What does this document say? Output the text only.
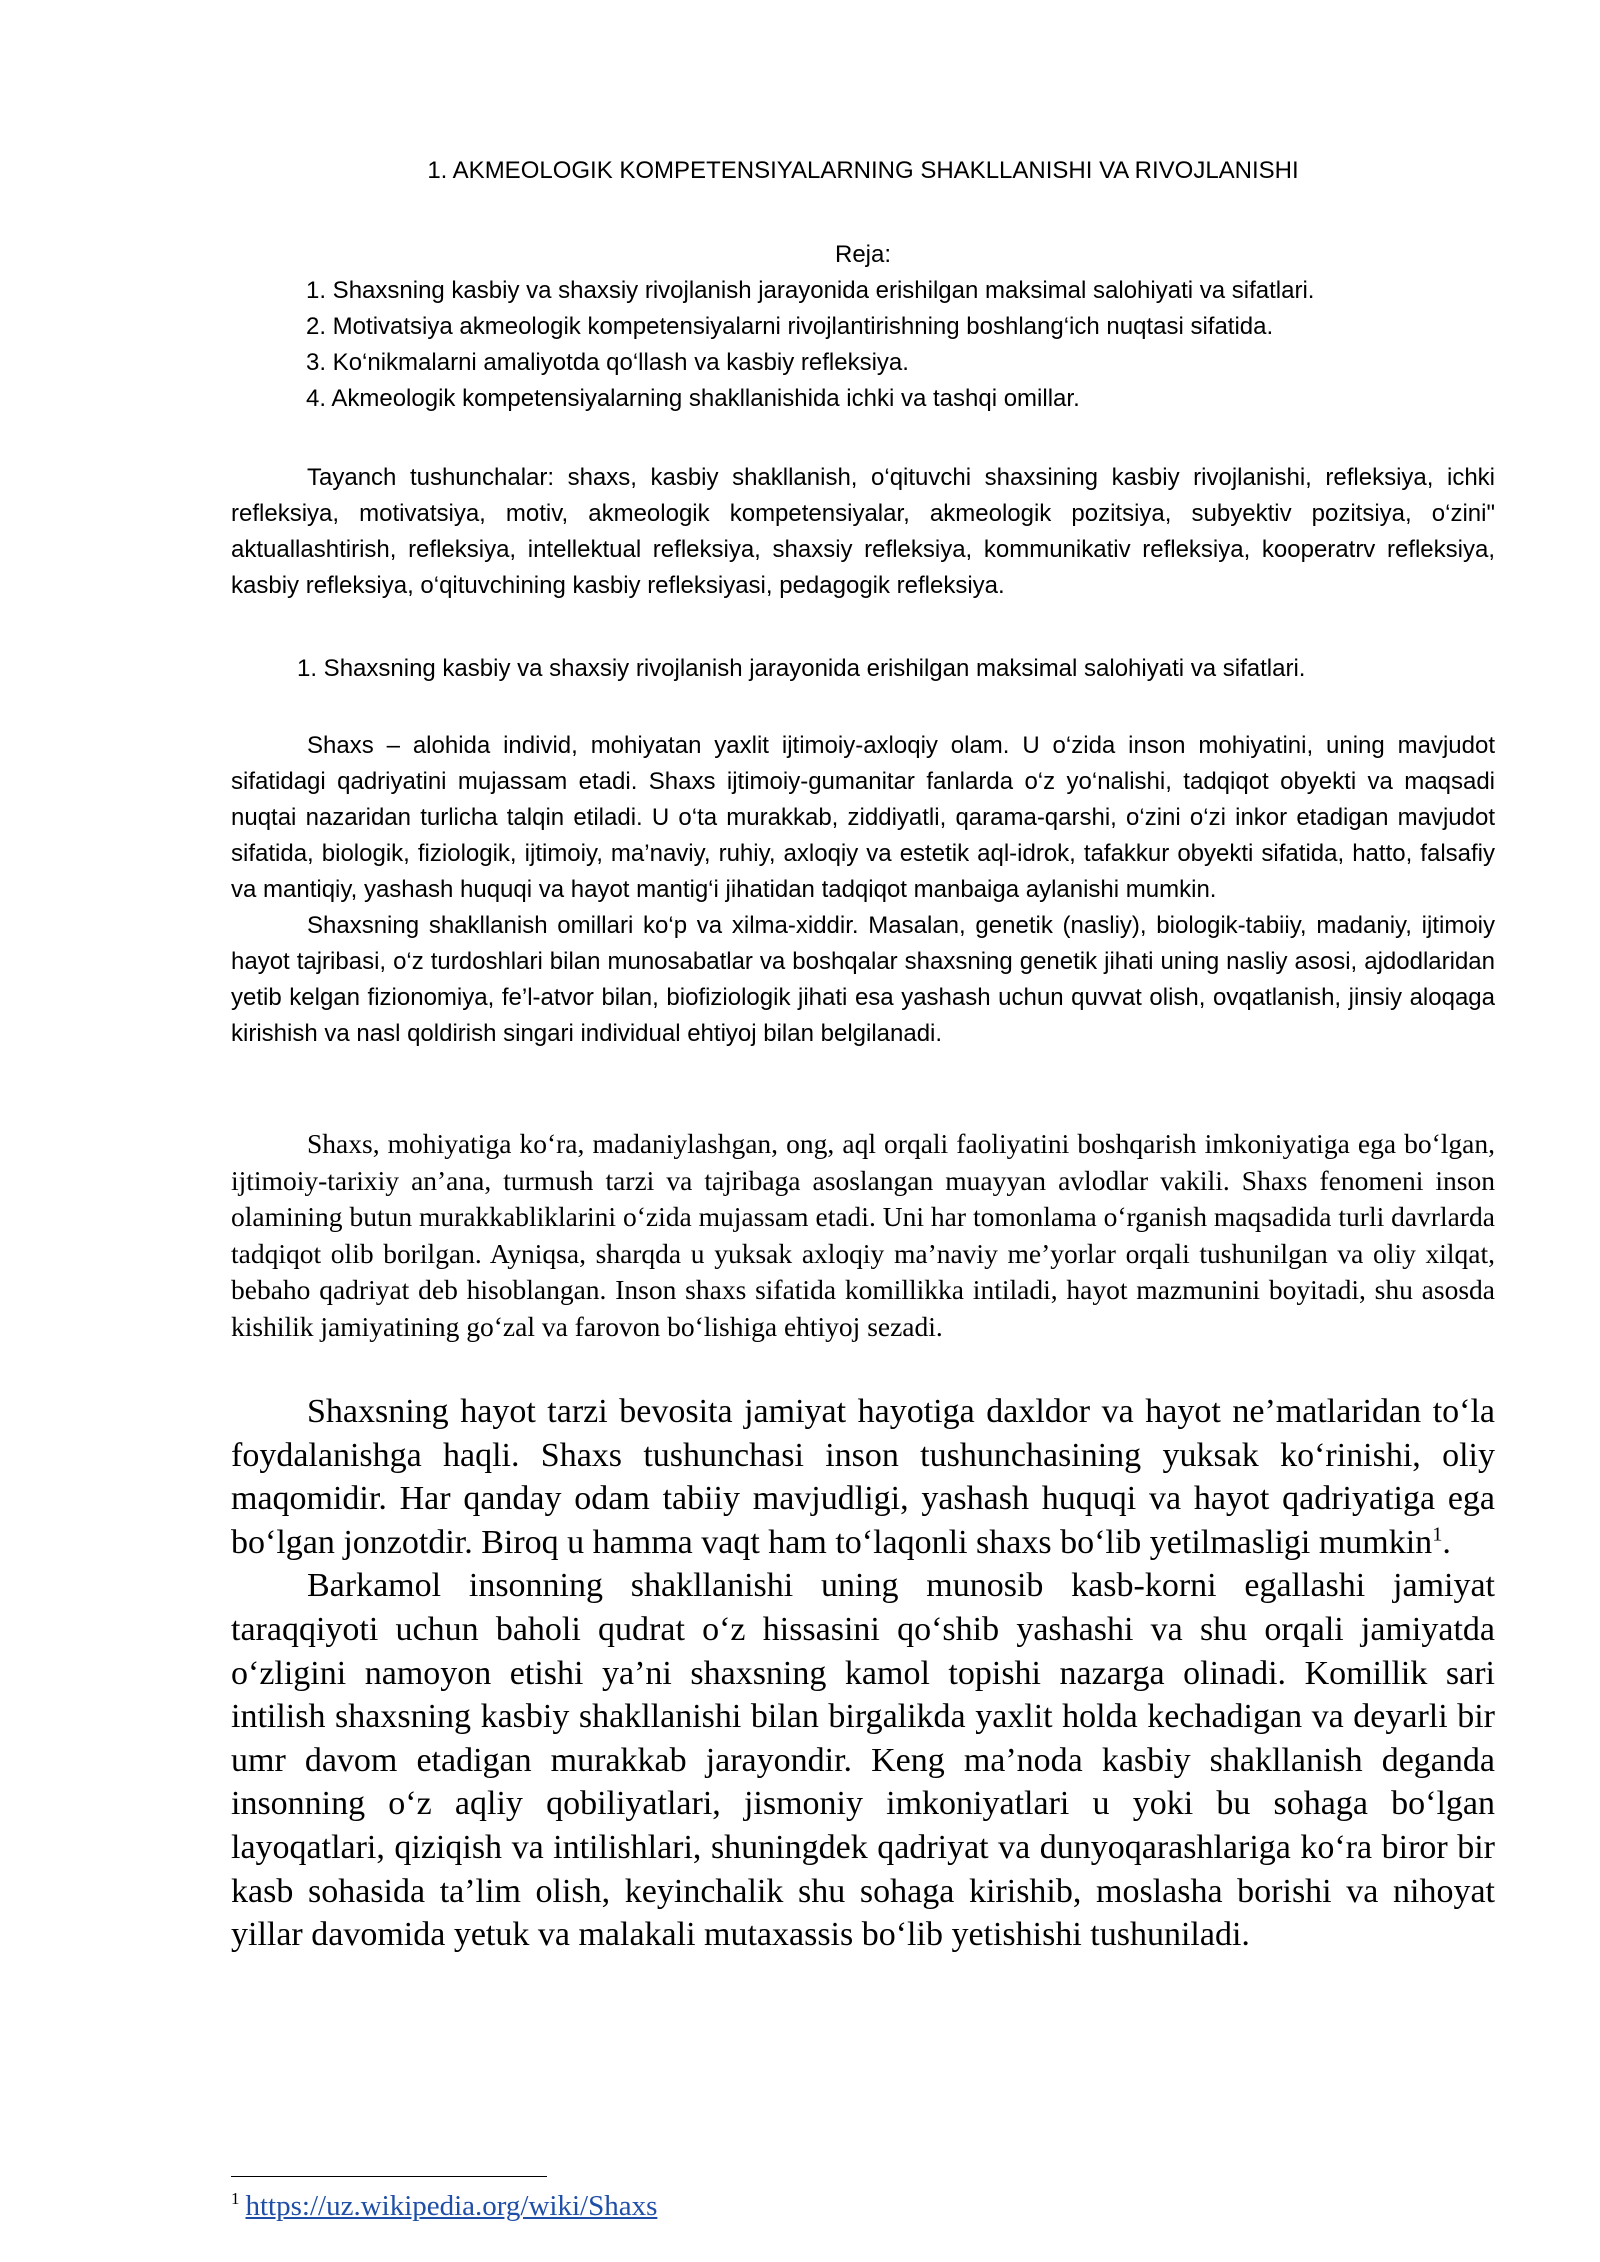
1. AKMEOLOGIK KOMPETENSIYALARNING SHAKLLANISHI VA RIVOJLANISHI
Reja:

1. Shaxsning kasbiy va shaxsiy rivojlanish jarayonida erishilgan maksimal salohiyati va sifatlari.

2. Motivatsiya akmeologik kompetensiyalarni rivojlantirishning boshlang‘ich nuqtasi sifatida.

3. Ko‘nikmalarni amaliyotda qo‘llash va kasbiy refleksiya.

4. Akmeologik kompetensiyalarning shakllanishida ichki va tashqi omillar.

Tayanch tushunchalar: shaxs, kasbiy shakllanish, o‘qituvchi shaxsining kasbiy rivojlanishi, refleksiya, ichki refleksiya, motivatsiya, motiv, akmeologik kompetensiyalar, akmeologik pozitsiya, subyektiv pozitsiya, o‘zini" aktuallashtirish, refleksiya, intellektual refleksiya, shaxsiy refleksiya, kommunikativ refleksiya, kooperatrv refleksiya, kasbiy refleksiya, o‘qituvchining kasbiy refleksiyasi, pedagogik refleksiya.

1. Shaxsning kasbiy va shaxsiy rivojlanish jarayonida erishilgan maksimal salohiyati va sifatlari.

Shaxs – alohida individ, mohiyatan yaxlit ijtimoiy-axloqiy olam. U o‘zida inson mohiyatini, uning mavjudot sifatidagi qadriyatini mujassam etadi. Shaxs ijtimoiy-gumanitar fanlarda o‘z yo‘nalishi, tadqiqot obyekti va maqsadi nuqtai nazaridan turlicha talqin etiladi. U o‘ta murakkab, ziddiyatli, qarama-qarshi, o‘zini o‘zi inkor etadigan mavjudot sifatida, biologik, fiziologik, ijtimoiy, ma’naviy, ruhiy, axloqiy va estetik aql-idrok, tafakkur obyekti sifatida, hatto, falsafiy va mantiqiy, yashash huquqi va hayot mantig‘i jihatidan tadqiqot manbaiga aylanishi mumkin.

Shaxsning shakllanish omillari ko‘p va xilma-xiddir. Masalan, genetik (nasliy), biologik-tabiiy, madaniy, ijtimoiy hayot tajribasi, o‘z turdoshlari bilan munosabatlar va boshqalar shaxsning genetik jihati uning nasliy asosi, ajdodlaridan yetib kelgan fizionomiya, fe’l-atvor bilan, biofiziologik jihati esa yashash uchun quvvat olish, ovqatlanish, jinsiy aloqaga kirishish va nasl qoldirish singari individual ehtiyoj bilan belgilanadi.

Shaxs, mohiyatiga ko‘ra, madaniylashgan, ong, aql orqali faoliyatini boshqarish imkoniyatiga ega bo‘lgan, ijtimoiy-tarixiy an’ana, turmush tarzi va tajribaga asoslangan muayyan avlodlar vakili. Shaxs fenomeni inson olamining butun murakkabliklarini o‘zida mujassam etadi. Uni har tomonlama o‘rganish maqsadida turli davrlarda tadqiqot olib borilgan. Ayniqsa, sharqda u yuksak axloqiy ma’naviy me’yorlar orqali tushunilgan va oliy xilqat, bebaho qadriyat deb hisoblangan. Inson shaxs sifatida komillikka intiladi, hayot mazmunini boyitadi, shu asosda kishilik jamiyatining go‘zal va farovon bo‘lishiga ehtiyoj sezadi.

Shaxsning hayot tarzi bevosita jamiyat hayotiga daxldor va hayot ne’matlaridan to‘la foydalanishga haqli. Shaxs tushunchasi inson tushunchasining yuksak ko‘rinishi, oliy maqomidir. Har qanday odam tabiiy mavjudligi, yashash huquqi va hayot qadriyatiga ega bo‘lgan jonzotdir. Biroq u hamma vaqt ham to‘laqonli shaxs bo‘lib yetilmasligi mumkin$^1$.

Barkamol insonning shakllanishi uning munosib kasb-korni egallashi jamiyat taraqqiyoti uchun baholi qudrat o‘z hissasini qo‘shib yashashi va shu orqali jamiyatda o‘zligini namoyon etishi ya’ni shaxsning kamol topishi nazarga olinadi. Komillik sari intilish shaxsning kasbiy shakllanishi bilan birgalikda yaxlit holda kechadigan va deyarli bir umr davom etadigan murakkab jarayondir. Keng ma’noda kasbiy shakllanish deganda insonning o‘z aqliy qobiliyatlari, jismoniy imkoniyatlari u yoki bu sohaga bo‘lgan layoqatlari, qiziqish va intilishlari, shuningdek qadriyat va dunyoqarashlariga ko‘ra biror bir kasb sohasida ta’lim olish, keyinchalik shu sohaga kirishib, moslasha borishi va nihoyat yillar davomida yetuk va malakali mutaxassis bo‘lib yetishishi tushuniladi.

$^1$ https://uz.wikipedia.org/wiki/Shaxs
